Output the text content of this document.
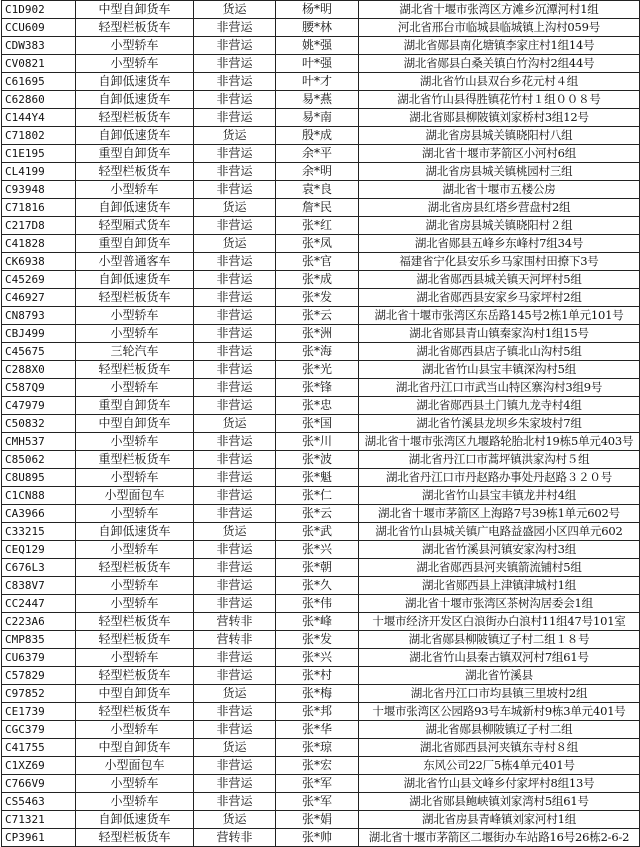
C1D902	中型自卸货车	货运	杨*明	湖北省十堰市张湾区方滩乡沉潭河村1组
CCU609	轻型栏板货车	非营运	腰*林	河北省邢台市临城县临城镇上沟村059号
CDW383	小型轿车	非营运	姚*强	湖北省郧县南化塘镇李家庄村1组14号
CV0821	小型轿车	非营运	叶*强	湖北省郧县白桑关镇白竹沟村2组44号
C61695	自卸低速货车	非营运	叶*才	湖北省竹山县双台乡花元村４组
C62860	自卸低速货车	非营运	易*燕	湖北省竹山县得胜镇花竹村１组００８号
C144Y4	轻型栏板货车	非营运	易*南	湖北省郧县柳陂镇刘家桥村3组12号
C71802	自卸低速货车	货运	殷*成	湖北省房县城关镇晓阳村八组
C1E195	重型自卸货车	非营运	余*平	湖北省十堰市茅箭区小河村6组
CL4199	轻型栏板货车	非营运	余*明	湖北省房县城关镇桃园村三组
C93948	小型轿车	非营运	袁*良	湖北省十堰市五楼公房
C71816	自卸低速货车	货运	詹*民	湖北省房县红塔乡营盘村2组
C217D8	轻型厢式货车	非营运	张*红	湖北省房县城关镇晓阳村２组
C41828	重型自卸货车	货运	张*凤	湖北省郧县五峰乡东峰村7组34号
CK6938	小型普通客车	非营运	张*官	福建省宁化县安乐乡马家围村田撩下3号
C45269	自卸低速货车	非营运	张*成	湖北省郧西县城关镇天河坪村5组
C46927	轻型栏板货车	非营运	张*发	湖北省郧西县安家乡马家坪村2组
CN8793	小型轿车	非营运	张*云	湖北省十堰市张湾区东岳路145号2栋1单元101号
CBJ499	小型轿车	非营运	张*洲	湖北省郧县青山镇秦家沟村1组15号
C45675	三轮汽车	非营运	张*海	湖北省郧西县店子镇北山沟村5组
C288X0	轻型栏板货车	非营运	张*光	湖北省竹山县宝丰镇深沟村5组
C587Q9	小型轿车	非营运	张*锋	湖北省丹江口市武当山特区寨沟村3组9号
C47979	重型自卸货车	非营运	张*忠	湖北省郧西县土门镇九龙寺村4组
C50832	中型自卸货车	货运	张*国	湖北省竹溪县龙坝乡朱家坡村7组
CMH537	小型轿车	非营运	张*川	湖北省十堰市张湾区九堰路轮胎北村19栋5单元403号
C85062	重型栏板货车	非营运	张*波	湖北省丹江口市蒿坪镇洪家沟村５组
C8U895	小型轿车	非营运	张*魁	湖北省丹江口市丹赵路办事处丹赵路３２０号
C1CN88	小型面包车	非营运	张*仁	湖北省竹山县宝丰镇龙井村4组
CA3966	小型轿车	非营运	张*云	湖北省十堰市茅箭区上海路7号39栋1单元602号
C33215	自卸低速货车	货运	张*武	湖北省竹山县城关镇广电路益盛园小区四单元602
CEQ129	小型轿车	非营运	张*兴	湖北省竹溪县河镇安家沟村3组
C676L3	轻型栏板货车	非营运	张*朝	湖北省郧西县河夹镇箭流铺村5组
C838V7	小型轿车	非营运	张*久	湖北省郧西县上津镇津城村1组
CC2447	小型轿车	非营运	张*伟	湖北省十堰市张湾区茶树沟居委会1组
C223A6	轻型栏板货车	营转非	张*峰	十堰市经济开发区白浪街办白浪村11组47号101室
CMP835	轻型栏板货车	营转非	张*发	湖北省郧县柳陂镇辽子村二组１８号
CU6379	小型轿车	非营运	张*兴	湖北省竹山县秦古镇双河村7组61号
C57829	轻型栏板货车	非营运	张*村	湖北省竹溪县
C97852	中型自卸货车	货运	张*梅	湖北省丹江口市均县镇三里坡村2组
CE1739	轻型栏板货车	非营运	张*邦	十堰市张湾区公园路93号车城新村9栋3单元401号
CGC379	小型轿车	非营运	张*华	湖北省郧县柳陂镇辽子村二组
C41755	中型自卸货车	货运	张*琼	湖北省郧西县河夹镇东寺村８组
C1XZ69	小型面包车	非营运	张*宏	东风公司22厂5栋4单元401号
C766V9	小型轿车	非营运	张*军	湖北省竹山县文峰乡付家坪村8组13号
CS5463	小型轿车	非营运	张*军	湖北省郧县鲍峡镇刘家湾村5组61号
C71321	自卸低速货车	货运	张*娟	湖北省房县青峰镇刘家河村1组
CP3961	轻型栏板货车	营转非	张*帅	湖北省十堰市茅箭区二堰街办车站路16号26栋2-6-2
